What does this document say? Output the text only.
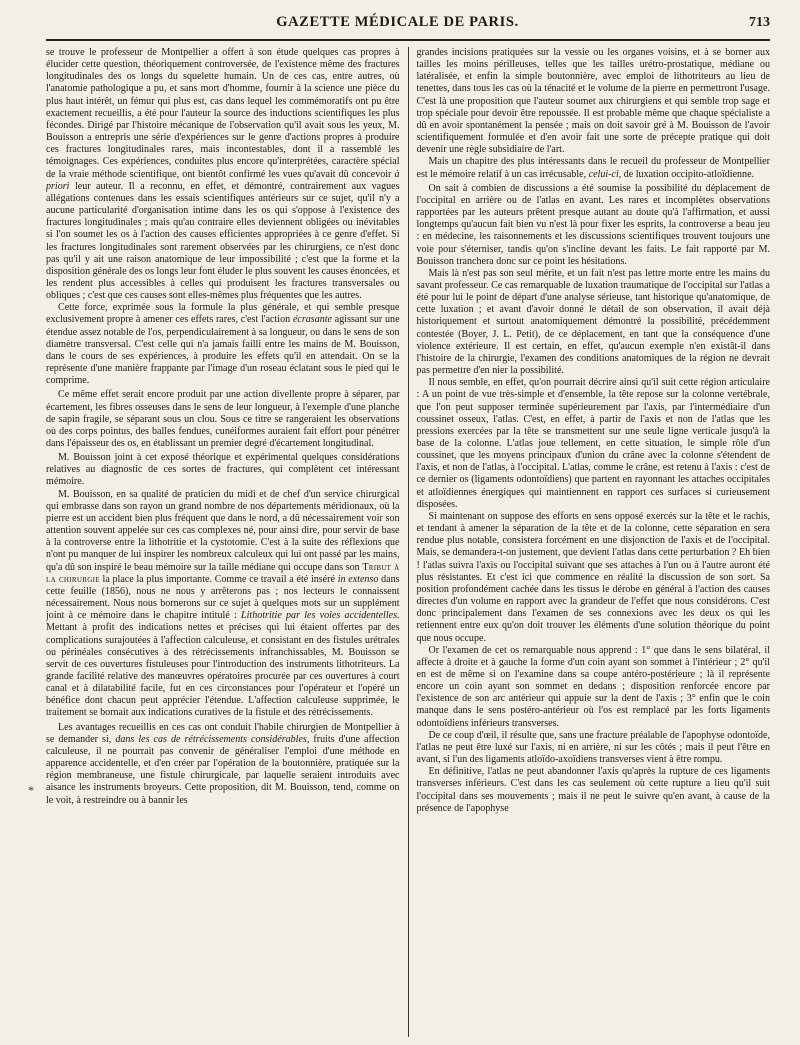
GAZETTE MÉDICALE DE PARIS.	713

se trouve le professeur de Montpellier a offert à son étude quelques cas propres à élucider cette question, théoriquement controversée, de l'existence même des fractures longitudinales des os longs du squelette humain. Un de ces cas, entre autres, où l'anatomie pathologique a pu, et sans mort d'homme, fournir à la science une pièce du plus haut intérêt, un fémur qui plus est, cas dans lequel les commémoratifs ont pu être exactement recueillis, a été pour l'auteur la source des inductions scientifiques les plus fécondes. Dirigé par l'histoire mécanique de l'observation qu'il avait sous les yeux, M. Bouisson a entrepris une série d'expériences sur le genre d'actions propres à produire ces fractures longitudinales rares, mais incontestables, dont il a rassemblé les témoignages. Ces expériences, conduites plus encore qu'interprétées, caractère spécial de la vraie méthode scientifique, ont bientôt confirmé les vues qu'avait dû concevoir à priori leur auteur. Il a reconnu, en effet, et démontré, contrairement aux vagues allégations contenues dans les essais scientifiques antérieurs sur ce sujet, qu'il n'y a aucune particularité d'organisation intime dans les os qui s'oppose à l'existence des fractures longitudinales ; mais qu'au contraire elles deviennent obligées ou inévitables si l'on soumet les os à l'action des causes efficientes appropriées à ce genre d'effet. Si les fractures longitudinales sont rarement observées par les chirurgiens, ce n'est donc pas qu'il y ait une raison anatomique de leur impossibilité ; c'est que la forme et la disposition générale des os longs leur font éluder le plus souvent les causes énoncées, et les rendent plus accessibles à celles qui produisent les fractures transversales ou obliques ; c'est que ces causes sont elles-mêmes plus fréquentes que les autres.

Cette force, exprimée sous la formule la plus générale, et qui semble presque exclusivement propre à amener ces effets rares, c'est l'action écrasante agissant sur une étendue assez notable de l'os, perpendiculairement à sa longueur, ou dans le sens de son diamètre transversal. C'est celle qui n'a jamais failli entre les mains de M. Bouisson, dans le cours de ses expériences, à produire les effets qu'il en attendait. On se la représente d'une manière frappante par l'image d'un roseau éclatant sous le pied qui le comprime.

Ce même effet serait encore produit par une action divellente propre à séparer, par écartement, les fibres osseuses dans le sens de leur longueur, à l'exemple d'une planche de sapin fragile, se séparant sous un clou. Sous ce titre se rangeraient les observations où des corps pointus, des balles fendues, cunéiformes auraient fait effort pour pénétrer dans l'épaisseur des os, en établissant un premier degré d'écartement longitudinal.

M. Bouisson joint à cet exposé théorique et expérimental quelques considérations relatives au diagnostic de ces sortes de fractures, qui complètent cet intéressant mémoire.

M. Bouisson, en sa qualité de praticien du midi et de chef d'un service chirurgical qui embrasse dans son rayon un grand nombre de nos départements méridionaux, où la pierre est un accident bien plus fréquent que dans le nord, a dû nécessairement voir son attention souvent appelée sur ces cas complexes né, pour ainsi dire, pour servir de base à la controverse entre la lithotritie et la cystotomie. C'est à la suite des réflexions que n'ont pu manquer de lui inspirer les nombreux calculeux qui lui ont passé par les mains, qu'a dû son inspiré le beau mémoire sur la taille médiane qui occupe dans son Tribut à la chirurgie la place la plus importante. Comme ce travail a été inséré in extenso dans cette feuille (1856), nous ne nous y arrêterons pas ; nos lecteurs le connaissent nécessairement. Nous nous bornerons sur ce sujet à quelques mots sur un supplément joint à ce mémoire dans le chapitre intitulé : Lithotritie par les voies accidentelles. Mettant à profit des indications nettes et précises qui lui étaient offertes par des complications surajoutées à l'affection calculeuse, et consistant en des fistules urétrales ou périnéales consécutives à des rétrécissements infranchissables, M. Bouisson se servit de ces ouvertures fistuleuses pour l'introduction des instruments lithotriteurs. La grande facilité relative des manœuvres opératoires procurée par ces ouvertures à court canal et à dilatabilité facile, fut en ces circonstances pour l'opérateur et l'opéré un bénéfice dont chacun peut apprécier l'étendue. L'affection calculeuse supprimée, le traitement se bornait aux indications curatives de la fistule et des rétrécissements.

Les avantages recueillis en ces cas ont conduit l'habile chirurgien de Montpellier à se demander si, dans les cas de rétrécissements considérables, fruits d'une affection calculeuse, il ne pourrait pas convenir de généraliser l'emploi d'une méthode en apparence accidentelle, et d'en créer par l'opération de la boutonnière, pratiquée sur la région membraneuse, une fistule chirurgicale, par laquelle seraient introduits avec aisance les instruments broyeurs. Cette proposition, dit M. Bouisson, tend, comme on le voit, à restreindre ou à bannir les

grandes incisions pratiquées sur la vessie ou les organes voisins, et à se borner aux tailles les moins périlleuses, telles que les tailles urétro-prostatique, médiane ou latéralisée, et enfin la simple boutonnière, avec emploi de lithotriteurs au lieu de tenettes, dans tous les cas où la ténacité et le volume de la pierre en permettront l'usage. C'est là une proposition que l'auteur soumet aux chirurgiens et qui semble trop sage et trop spéciale pour devoir être repoussée. Il est probable même que chaque spécialiste a dû en avoir spontanément la pensée ; mais on doit savoir gré à M. Bouisson de l'avoir scientifiquement formulée et d'en avoir fait une sorte de précepte pratique qui doit devenir une règle subsidiaire de l'art.

Mais un chapitre des plus intéressants dans le recueil du professeur de Montpellier est le mémoire relatif à un cas irrécusable, celui-ci, de luxation occipito-atloïdienne.

On sait à combien de discussions a été soumise la possibilité du déplacement de l'occipital en arrière ou de l'atlas en avant. Les rares et incomplètes observations rapportées par les auteurs prêtent presque autant au doute qu'à l'affirmation, et aussi longtemps qu'aucun fait bien vu n'est là pour fixer les esprits, la controverse a beau jeu : en médecine, les raisonnements et les discussions scientifiques trouvent toujours une voie pour s'éterniser, tandis qu'on s'incline devant les faits. Le fait rapporté par M. Bouisson tranchera donc sur ce point les hésitations.

Mais là n'est pas son seul mérite, et un fait n'est pas lettre morte entre les mains du savant professeur. Ce cas remarquable de luxation traumatique de l'occipital sur l'atlas a été pour lui le point de départ d'une analyse sérieuse, tant historique qu'anatomique, de cette luxation ; et avant d'avoir donné le détail de son observation, il avait déjà historiquement et surtout anatomiquement démontré la possibilité, précédemment contestée (Boyer, J. L. Petit), de ce déplacement, en tant que la conséquence d'une violence extérieure. Il est certain, en effet, qu'aucun exemple n'en existât-il dans l'histoire de la chirurgie, l'examen des conditions anatomiques de la région ne devrait pas permettre d'en nier la possibilité.

Il nous semble, en effet, qu'on pourrait décrire ainsi qu'il suit cette région articulaire : A un point de vue très-simple et d'ensemble, la tête repose sur la colonne vertébrale, que l'on peut supposer terminée supérieurement par l'axis, par l'intermédiaire d'un coussinet osseux, l'atlas. C'est, en effet, à partir de l'axis et non de l'atlas que les pressions exercées par la tête se transmettent sur une seule ligne verticale jusqu'à la base de la colonne. L'atlas joue tellement, en cette situation, le simple rôle d'un coussinet, que les moyens principaux d'union du crâne avec la colonne s'étendent de l'axis, et non de l'atlas, à l'occipital. L'atlas, comme le crâne, est retenu à l'axis : c'est de ce dernier os (ligaments odontoïdiens) que partent en rayonnant les attaches occipitales et atloïdiennes énergiques qui maintiennent en rapport ces surfaces si curieusement disposées.

Si maintenant on suppose des efforts en sens opposé exercés sur la tête et le rachis, et tendant à amener la séparation de la tête et de la colonne, cette séparation en sera rendue plus notable, consistera forcément en une disjonction de l'axis et de l'occipital. Mais, se demandera-t-on justement, que devient l'atlas dans cette perturbation ? Eh bien ! l'atlas suivra l'axis ou l'occipital suivant que ses attaches à l'un ou à l'autre auront été plus résistantes. Et c'est ici que commence en réalité la discussion de son sort. Sa position profondément cachée dans les tissus le dérobe en général à l'action des causes directes d'un volume en rapport avec la grandeur de l'effet que nous considérons. C'est donc principalement dans l'examen de ses connexions avec les deux os qui les retiennent entre eux qu'on doit trouver les éléments d'une solution théorique du point que nous occupe.

Or l'examen de cet os remarquable nous apprend : 1° que dans le sens bilatéral, il affecte à droite et à gauche la forme d'un coin ayant son sommet à l'intérieur ; 2° qu'il en est de même si on l'examine dans sa coupe antéro-postérieure ; là il représente encore un coin ayant son sommet en dedans ; disposition renforcée encore par l'existence de son arc antérieur qui appuie sur la dent de l'axis ; 3° enfin que le coin manque dans le sens postéro-antérieur où l'os est remplacé par les forts ligaments odontoïdiens inférieurs transverses.

De ce coup d'œil, il résulte que, sans une fracture préalable de l'apophyse odontoïde, l'atlas ne peut être luxé sur l'axis, ni en arrière, ni sur les côtés ; mais il peut l'être en avant, si l'un des ligaments atloïdo-axoïdiens transverses vient à être rompu.

En définitive, l'atlas ne peut abandonner l'axis qu'après la rupture de ces ligaments transverses inférieurs. C'est dans les cas seulement où cette rupture a lieu qu'il suit l'occipital dans ses mouvements ; mais il ne peut le suivre qu'en avant, à cause de la présence de l'apophyse

*
